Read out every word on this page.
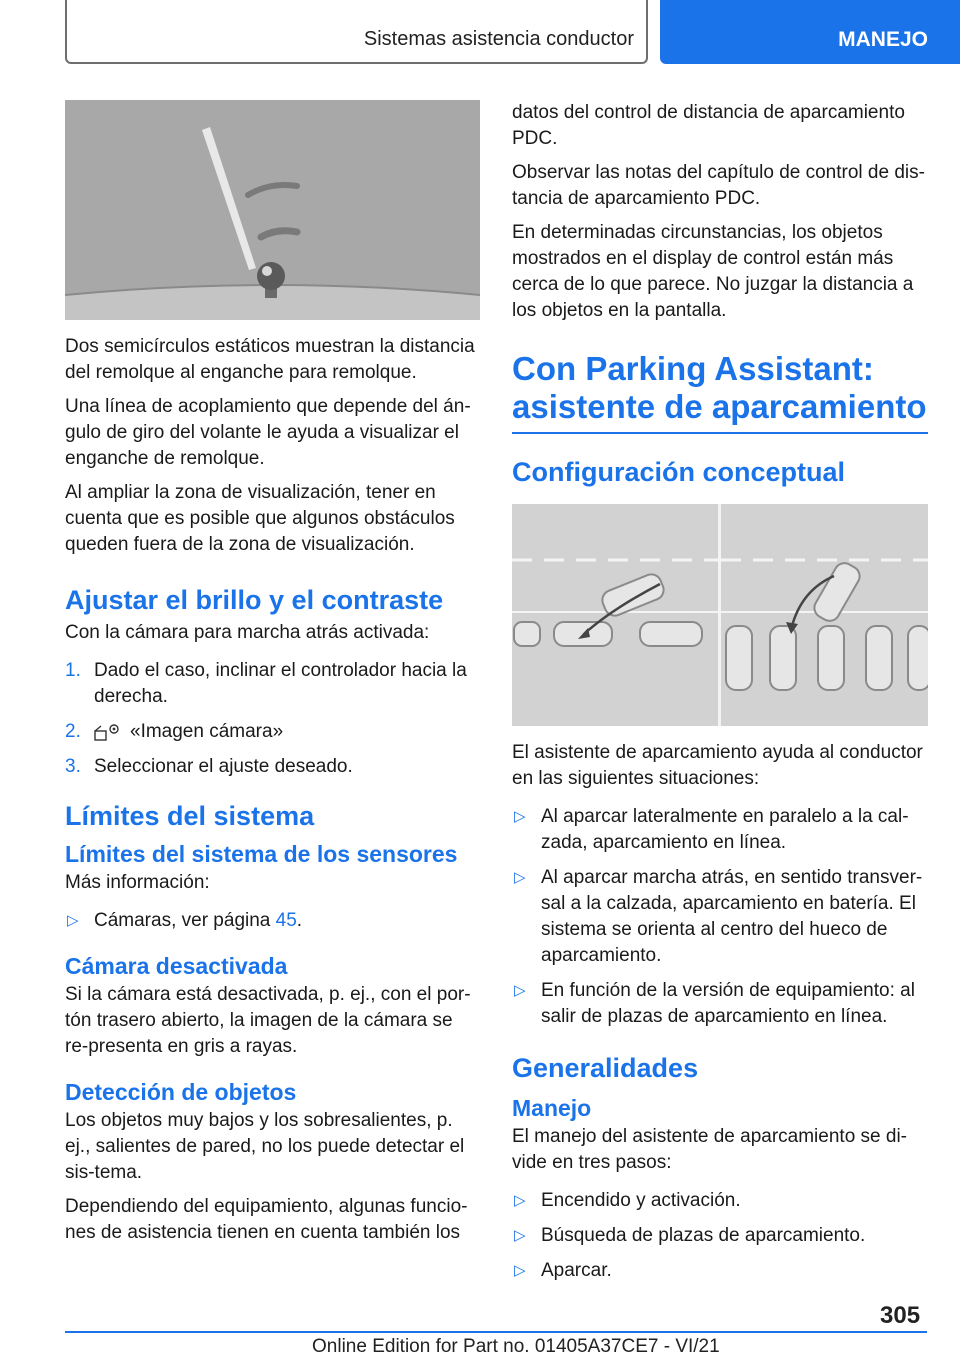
Sistemas asistencia conductor	MANEJO

Dos semicírculos estáticos muestran la distancia del remolque al enganche para remolque.

Una línea de acoplamiento que depende del án-gulo de giro del volante le ayuda a visualizar el enganche de remolque.

Al ampliar la zona de visualización, tener en cuenta que es posible que algunos obstáculos queden fuera de la zona de visualización.

Ajustar el brillo y el contraste

Con la cámara para marcha atrás activada:

1. Dado el caso, inclinar el controlador hacia la derecha.
2.	«Imagen cámara»
3. Seleccionar el ajuste deseado.
Límites del sistema
Límites del sistema de los sensores

Más información:

▷ Cámaras, ver página 45.
Cámara desactivada

Si la cámara está desactivada, p. ej., con el por-tón trasero abierto, la imagen de la cámara se re-presenta en gris a rayas.

Detección de objetos

Los objetos muy bajos y los sobresalientes, p. ej., salientes de pared, no los puede detectar el sis-tema.

Dependiendo del equipamiento, algunas funcio-nes de asistencia tienen en cuenta también los

datos del control de distancia de aparcamiento PDC.

Observar las notas del capítulo de control de dis-tancia de aparcamiento PDC.

En determinadas circunstancias, los objetos mostrados en el display de control están más cerca de lo que parece. No juzgar la distancia a los objetos en la pantalla.

Con Parking Assistant: asistente de aparcamiento
Configuración conceptual

El asistente de aparcamiento ayuda al conductor en las siguientes situaciones:

▷ Al aparcar lateralmente en paralelo a la cal-zada, aparcamiento en línea.
▷ Al aparcar marcha atrás, en sentido transver-sal a la calzada, aparcamiento en batería. El sistema se orienta al centro del hueco de aparcamiento.
▷ En función de la versión de equipamiento: al salir de plazas de aparcamiento en línea.
Generalidades
Manejo

El manejo del asistente de aparcamiento se di-vide en tres pasos:

▷ Encendido y activación.
▷ Búsqueda de plazas de aparcamiento.
▷ Aparcar.
305
Online Edition for Part no. 01405A37CE7 - VI/21
